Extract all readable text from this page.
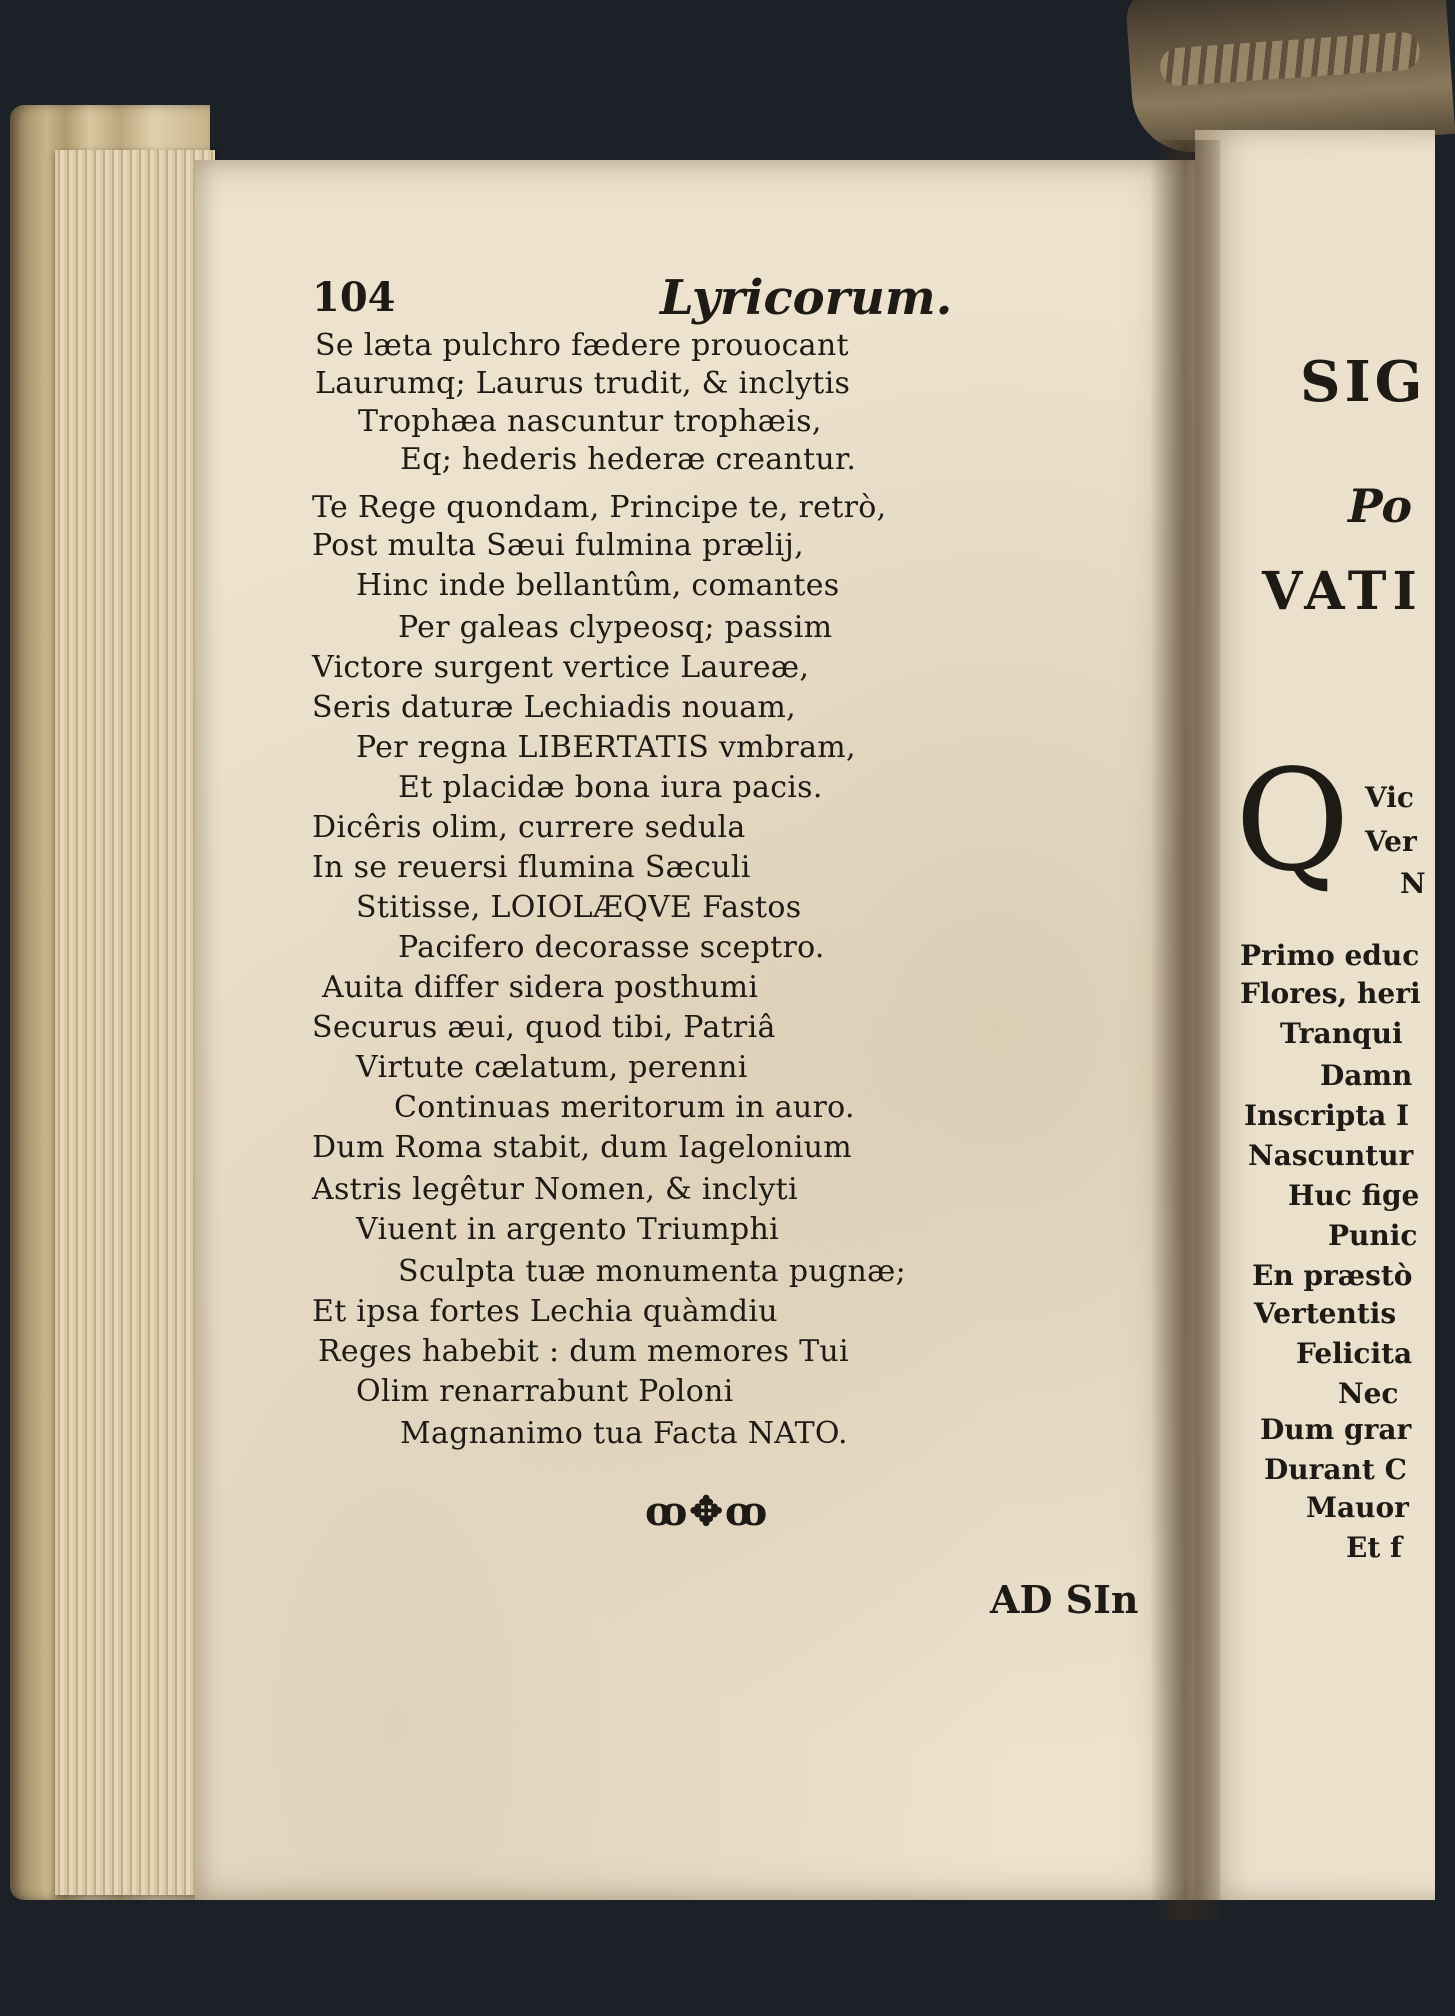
104	Lyricorum.
Se læta pulchro fædere prouocant
Laurumq; Laurus trudit, & inclytis
Trophæa nascuntur trophæis,
Eq; hederis hederæ creantur.
Te Rege quondam, Principe te, retrò,
Post multa Sæui fulmina prælij,
Hinc inde bellantûm, comantes
Per galeas clypeosq; passim
Victore surgent vertice Laureæ,
Seris daturæ Lechiadis nouam,
Per regna LIBERTATIS vmbram,
Et placidæ bona iura pacis.
Dicêris olim, currere sedula
In se reuersi flumina Sæculi
Stitisse, LOIOLÆQVE Fastos
Pacifero decorasse sceptro.
Auita differ sidera posthumi
Securus æui, quod tibi, Patriâ
Virtute cælatum, perenni
Continuas meritorum in auro.
Dum Roma stabit, dum Iagelonium
Astris legêtur Nomen, & inclyti
Viuent in argento Triumphi
Sculpta tuæ monumenta pugnæ;
Et ipsa fortes Lechia quàmdiu
Reges habebit : dum memores Tui
Olim renarrabunt Poloni
Magnanimo tua Facta NATO.
ꝏ✥ꝏ
AD SIn
SIG
Po
VATI
Q Vic
Ver
N
Primo educ
Flores, heri
Tranqui
Damn
Inscripta I
Nascuntur
Huc fige
Punic
En præstò
Vertentis
Felicita
Nec
Dum grar
Durant C
Mauor
Et f
